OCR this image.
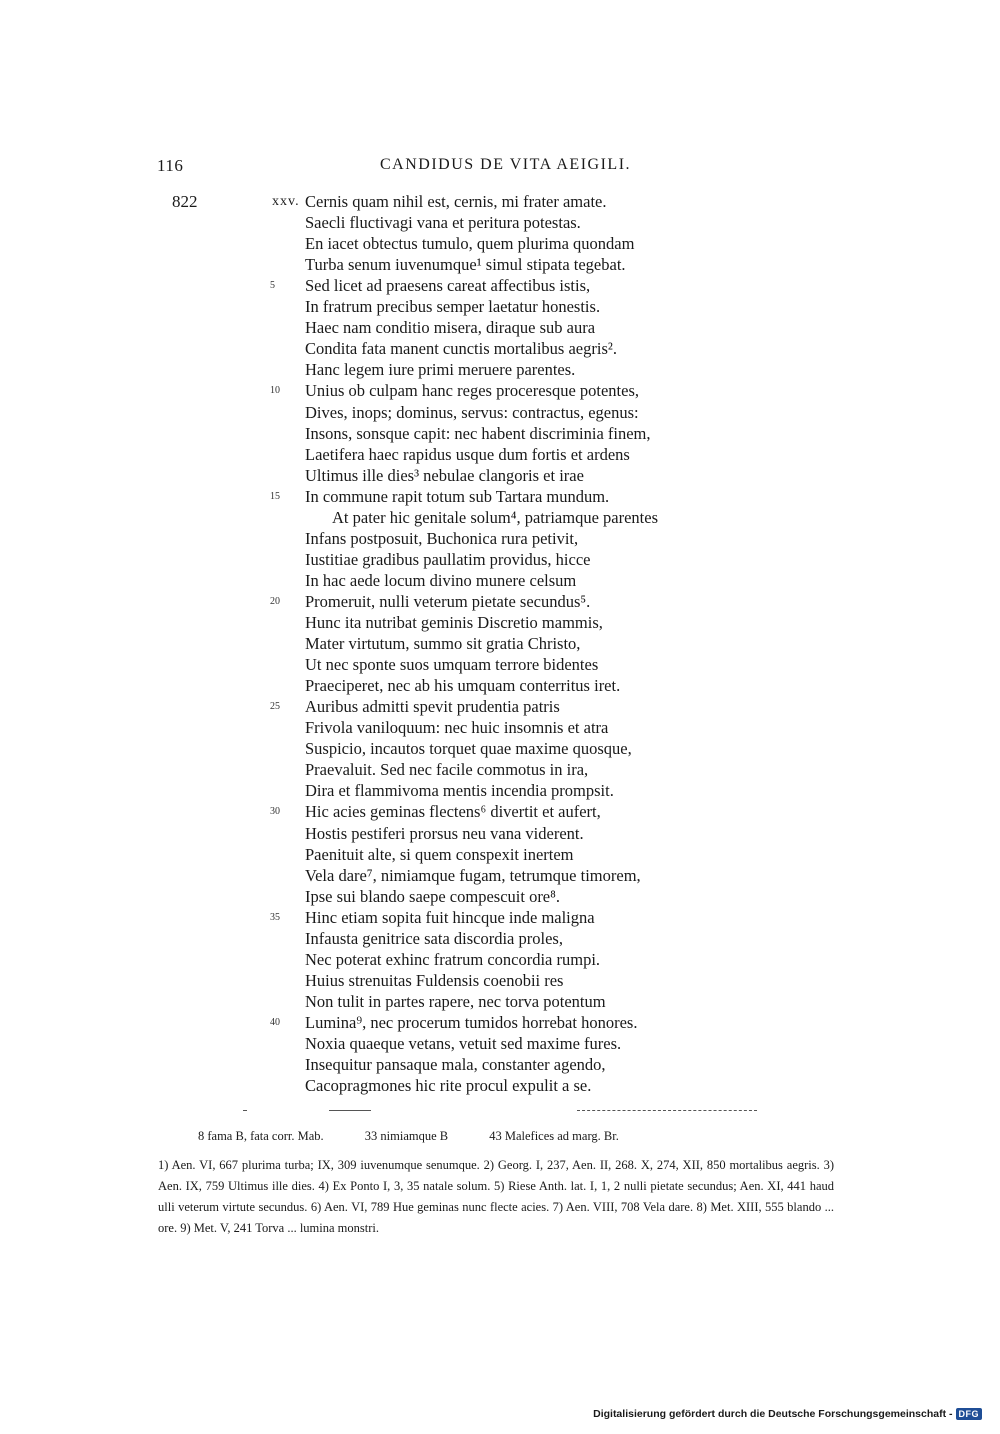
116	CANDIDUS DE VITA AEIGILI.
822	xxv. Cernis quam nihil est, cernis, mi frater amate.
Saecli fluctivagi vana et peritura potestas.
En iacet obtectus tumulo, quem plurima quondam
Turba senum iuvenumque¹ simul stipata tegebat.
Sed licet ad praesens careat affectibus istis,
5
In fratrum precibus semper laetatur honestis.
Haec nam conditio misera, diraque sub aura
Condita fata manent cunctis mortalibus aegris².
Hanc legem iure primi meruere parentes.
Unius ob culpam hanc reges proceresque potentes,
10
Dives, inops; dominus, servus: contractus, egenus:
Insons, sonsque capit: nec habent discriminia finem,
Laetifera haec rapidus usque dum fortis et ardens
Ultimus ille dies³ nebulae clangoris et irae
In commune rapit totum sub Tartara mundum.
15
At pater hic genitale solum⁴, patriamque parentes
Infans postposuit, Buchonica rura petivit,
Iustitiae gradibus paullatim providus, hicce
In hac aede locum divino munere celsum
Promeruit, nulli veterum pietate secundus⁵.
20
Hunc ita nutribat geminis Discretio mammis,
Mater virtutum, summo sit gratia Christo,
Ut nec sponte suos umquam terrore bidentes
Praeciperet, nec ab his umquam conterritus iret.
Auribus admitti spevit prudentia patris
25
Frivola vaniloquum: nec huic insomnis et atra
Suspicio, incautos torquet quae maxime quosque,
Praevaluit. Sed nec facile commotus in ira,
Dira et flammivoma mentis incendia prompsit.
Hic acies geminas flectens⁶ divertit et aufert,
30
Hostis pestiferi prorsus neu vana viderent.
Paenituit alte, si quem conspexit inertem
Vela dare⁷, nimiamque fugam, tetrumque timorem,
Ipse sui blando saepe compescuit ore⁸.
Hinc etiam sopita fuit hincque inde maligna
35
Infausta genitrice sata discordia proles,
Nec poterat exhinc fratrum concordia rumpi.
Huius strenuitas Fuldensis coenobii res
Non tulit in partes rapere, nec torva potentum
Lumina⁹, nec procerum tumidos horrebat honores.
40
Noxia quaeque vetans, vetuit sed maxime fures.
Insequitur pansaque mala, constanter agendo,
Cacopragmones hic rite procul expulit a se.
8 fama B, fata corr. Mab.	33 nimiamque B	43 Malefices ad marg. Br.

1) Aen. VI, 667 plurima turba; IX, 309 iuvenumque senumque. 2) Georg. I, 237, Aen. II, 268. X, 274, XII, 850 mortalibus aegris. 3) Aen. IX, 759 Ultimus ille dies. 4) Ex Ponto I, 3, 35 natale solum. 5) Riese Anth. lat. I, 1, 2 nulli pietate secundus; Aen. XI, 441 haud ulli veterum virtute secundus. 6) Aen. VI, 789 Hue geminas nunc flecte acies. 7) Aen. VIII, 708 Vela dare. 8) Met. XIII, 555 blando ... ore. 9) Met. V, 241 Torva ... lumina monstri.

Digitalisierung gefördert durch die Deutsche Forschungsgemeinschaft - DFG
